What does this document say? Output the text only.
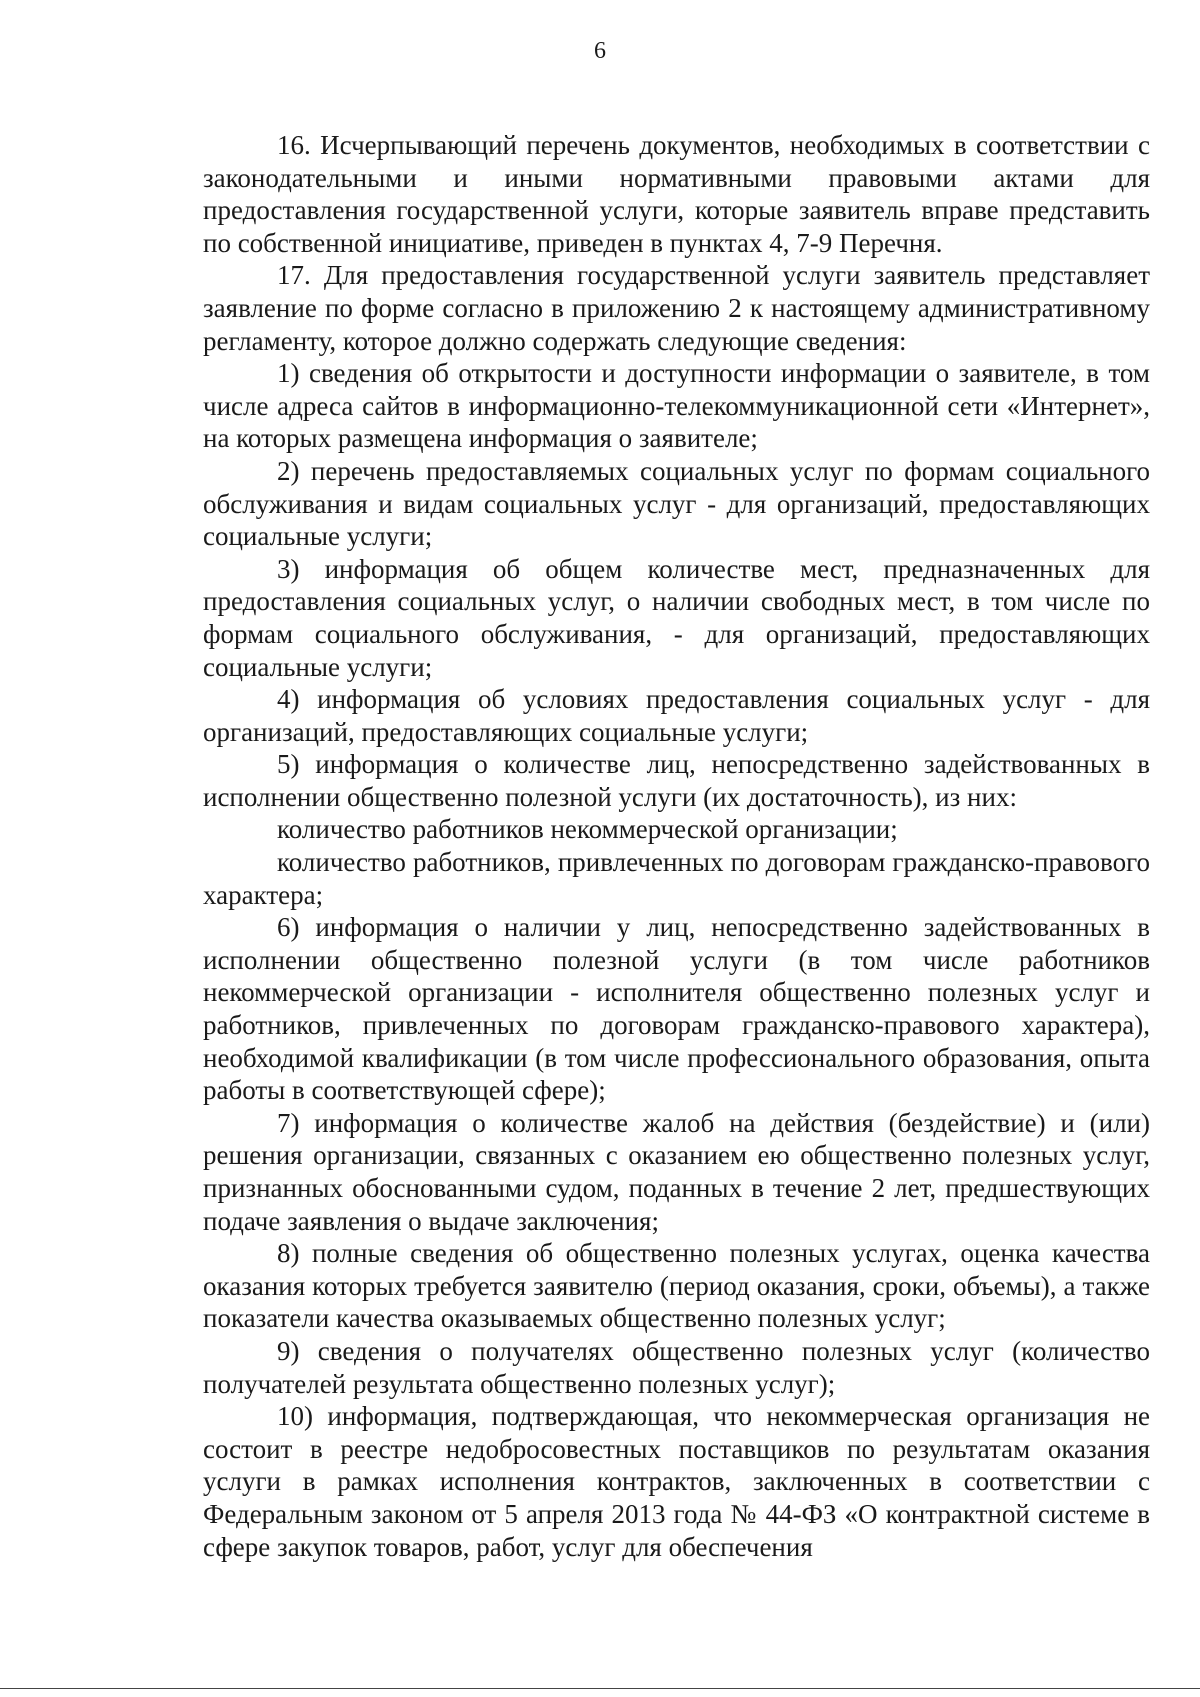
6

16. Исчерпывающий перечень документов, необходимых в соответствии с законодательными и иными нормативными правовыми актами для предоставления государственной услуги, которые заявитель вправе представить по собственной инициативе, приведен в пунктах 4, 7-9 Перечня.

17. Для предоставления государственной услуги заявитель представляет заявление по форме согласно в приложению 2 к настоящему административному регламенту, которое должно содержать следующие сведения:

1) сведения об открытости и доступности информации о заявителе, в том числе адреса сайтов в информационно-телекоммуникационной сети «Интернет», на которых размещена информация о заявителе;

2) перечень предоставляемых социальных услуг по формам социального обслуживания и видам социальных услуг - для организаций, предоставляющих социальные услуги;

3) информация об общем количестве мест, предназначенных для предоставления социальных услуг, о наличии свободных мест, в том числе по формам социального обслуживания, - для организаций, предоставляющих социальные услуги;

4) информация об условиях предоставления социальных услуг - для организаций, предоставляющих социальные услуги;

5) информация о количестве лиц, непосредственно задействованных в исполнении общественно полезной услуги (их достаточность), из них:

количество работников некоммерческой организации;

количество работников, привлеченных по договорам гражданско-правового характера;

6) информация о наличии у лиц, непосредственно задействованных в исполнении общественно полезной услуги (в том числе работников некоммерческой организации - исполнителя общественно полезных услуг и работников, привлеченных по договорам гражданско-правового характера), необходимой квалификации (в том числе профессионального образования, опыта работы в соответствующей сфере);

7) информация о количестве жалоб на действия (бездействие) и (или) решения организации, связанных с оказанием ею общественно полезных услуг, признанных обоснованными судом, поданных в течение 2 лет, предшествующих подаче заявления о выдаче заключения;

8) полные сведения об общественно полезных услугах, оценка качества оказания которых требуется заявителю (период оказания, сроки, объемы), а также показатели качества оказываемых общественно полезных услуг;

9) сведения о получателях общественно полезных услуг (количество получателей результата общественно полезных услуг);

10) информация, подтверждающая, что некоммерческая организация не состоит в реестре недобросовестных поставщиков по результатам оказания услуги в рамках исполнения контрактов, заключенных в соответствии с Федеральным законом от 5 апреля 2013 года № 44-ФЗ «О контрактной системе в сфере закупок товаров, работ, услуг для обеспечения
